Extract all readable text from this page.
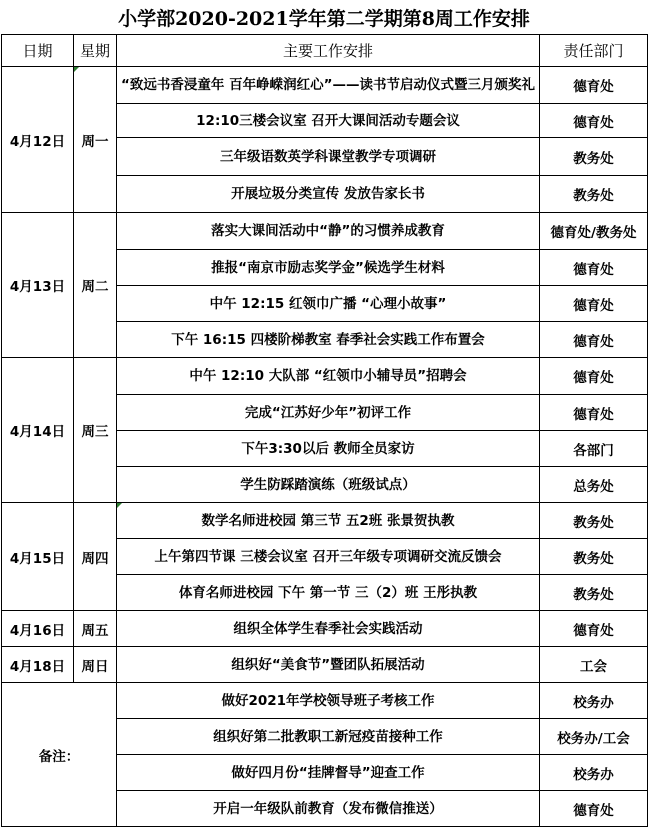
小学部2020-2021学年第二学期第8周工作安排
日期	星期	主要工作安排	责任部门
4月12日	周一	“致远书香浸童年 百年峥嵘润红心”——读书节启动仪式暨三月颁奖礼	德育处
		12:10三楼会议室 召开大课间活动专题会议	德育处
		三年级语数英学科课堂教学专项调研	教务处
		开展垃圾分类宣传 发放告家长书	教务处
4月13日	周二	落实大课间活动中“静”的习惯养成教育	德育处/教务处
		推报“南京市励志奖学金”候选学生材料	德育处
		中午 12:15 红领巾广播 “心理小故事”	德育处
		下午 16:15 四楼阶梯教室 春季社会实践工作布置会	德育处
4月14日	周三	中午 12:10 大队部 “红领巾小辅导员”招聘会	德育处
		完成“江苏好少年”初评工作	德育处
		下午3:30以后 教师全员家访	各部门
		学生防踩踏演练（班级试点）	总务处
4月15日	周四	数学名师进校园 第三节 五2班 张景贺执教	教务处
		上午第四节课 三楼会议室 召开三年级专项调研交流反馈会	教务处
		体育名师进校园 下午 第一节 三（2）班 王彤执教	教务处
4月16日	周五	组织全体学生春季社会实践活动	德育处
4月18日	周日	组织好“美食节”暨团队拓展活动	工会
备注：		做好2021年学校领导班子考核工作	校务办
		组织好第二批教职工新冠疫苗接种工作	校务办/工会
		做好四月份“挂牌督导”迎查工作	校务办
		开启一年级队前教育（发布微信推送）	德育处
